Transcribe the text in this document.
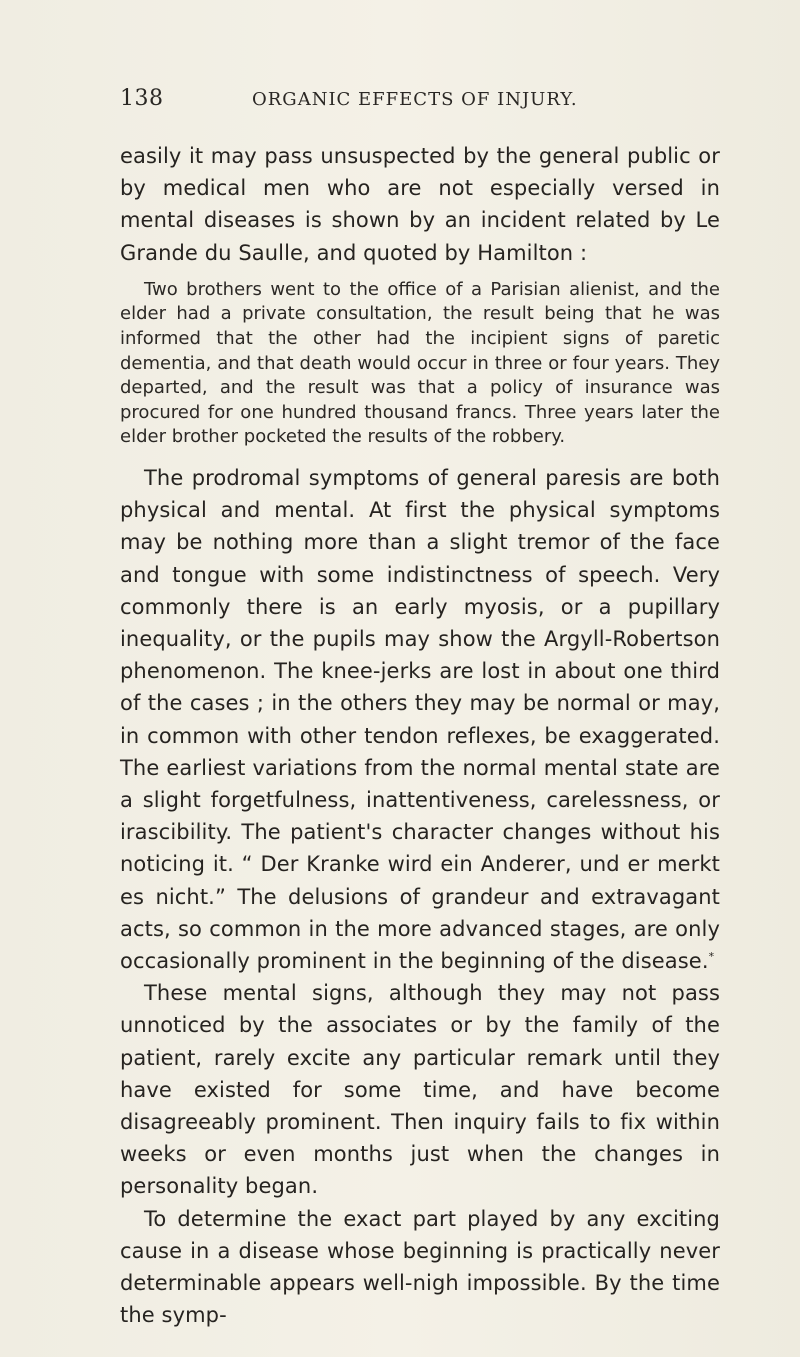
138	ORGANIC EFFECTS OF INJURY.

easily it may pass unsuspected by the general public or by medical men who are not especially versed in mental diseases is shown by an incident related by Le Grande du Saulle, and quoted by Hamilton :

Two brothers went to the office of a Parisian alienist, and the elder had a private consultation, the result being that he was informed that the other had the incipient signs of paretic dementia, and that death would occur in three or four years. They departed, and the result was that a policy of insurance was procured for one hundred thousand francs. Three years later the elder brother pocketed the results of the robbery.

The prodromal symptoms of general paresis are both physical and mental. At first the physical symptoms may be nothing more than a slight tremor of the face and tongue with some indistinctness of speech. Very commonly there is an early myosis, or a pupillary inequality, or the pupils may show the Argyll-Robertson phenomenon. The knee-jerks are lost in about one third of the cases ; in the others they may be normal or may, in common with other tendon reflexes, be exaggerated. The earliest variations from the normal mental state are a slight forgetfulness, inattentiveness, carelessness, or irascibility. The patient's character changes without his noticing it. “ Der Kranke wird ein Anderer, und er merkt es nicht.” The delusions of grandeur and extravagant acts, so common in the more advanced stages, are only occasionally prominent in the beginning of the disease.*

These mental signs, although they may not pass unnoticed by the associates or by the family of the patient, rarely excite any particular remark until they have existed for some time, and have become disagreeably prominent. Then inquiry fails to fix within weeks or even months just when the changes in personality began.

To determine the exact part played by any exciting cause in a disease whose beginning is practically never determinable appears well-nigh impossible. By the time the symp-
